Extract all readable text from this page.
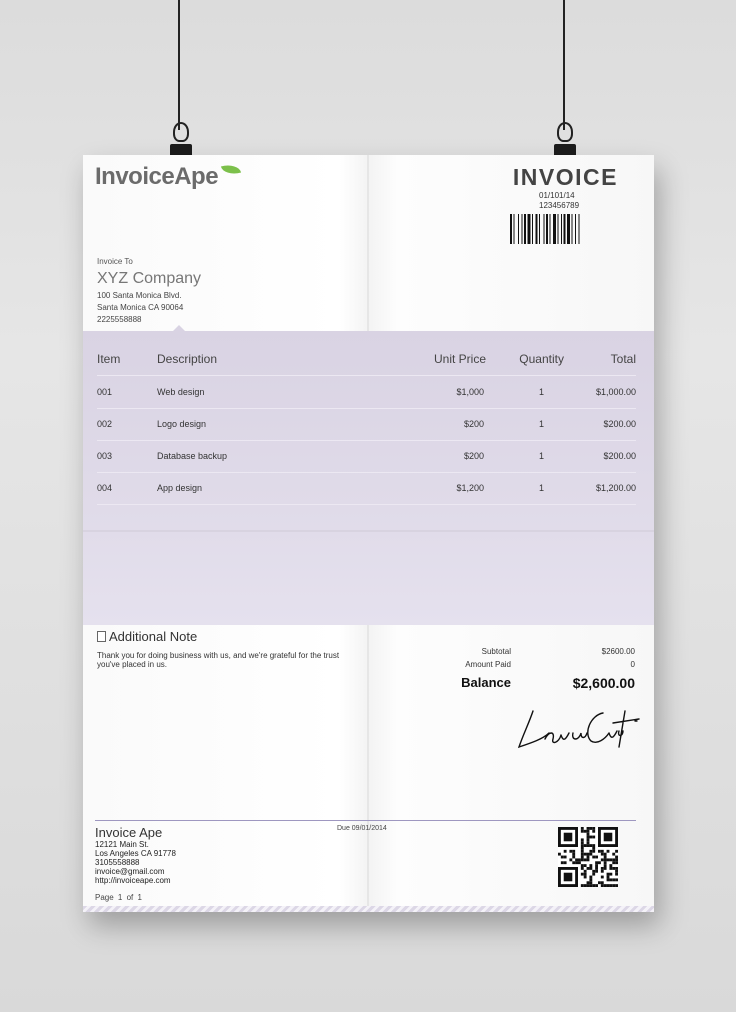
InvoiceApe	INVOICE
01/101/14
123456789
Invoice To
XYZ Company
100 Santa Monica Blvd.
Santa Monica CA 90064
2225558888
Item	Description	Unit Price	Quantity	Total
001	Web design	$1,000	1	$1,000.00
002	Logo design	$200	1	$200.00
003	Database backup	$200	1	$200.00
004	App design	$1,200	1	$1,200.00
Additional Note
Thank you for doing business with us, and we're grateful for the trust you've placed in us.
Subtotal	$2600.00
Amount Paid	0
Balance	$2,600.00
Due 09/01/2014
Invoice Ape
12121 Main St.
Los Angeles CA 91778
3105558888
invoice@gmail.com
http://invoiceape.com
Page 1 of 1
